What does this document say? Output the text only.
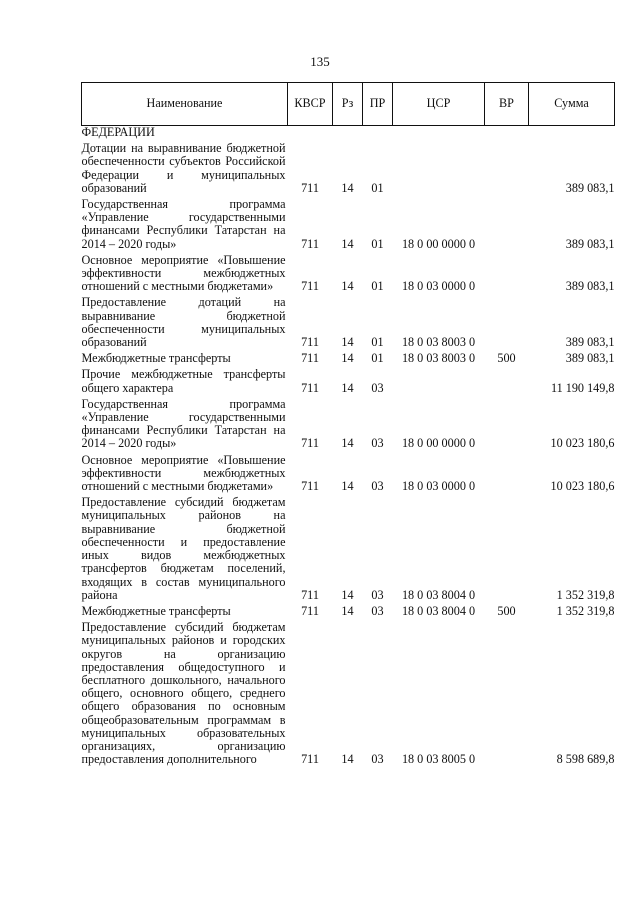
135
Наименование	КВСР	Рз	ПР	ЦСР	ВР	Сумма
ФЕДЕРАЦИИ						
Дотации на выравнивание бюджетной обеспеченности субъектов Российской Федерации и муниципальных образований	711	14	01			389 083,1
Государственная программа «Управление государственными финансами Республики Татарстан на 2014 – 2020 годы»	711	14	01	18 0 00 0000 0		389 083,1
Основное мероприятие «Повышение эффективности межбюджетных отношений с местными бюджетами»	711	14	01	18 0 03 0000 0		389 083,1
Предоставление дотаций на выравнивание бюджетной обеспеченности муниципальных образований	711	14	01	18 0 03 8003 0		389 083,1
Межбюджетные трансферты	711	14	01	18 0 03 8003 0	500	389 083,1
Прочие межбюджетные трансферты общего характера	711	14	03			11 190 149,8
Государственная программа «Управление государственными финансами Республики Татарстан на 2014 – 2020 годы»	711	14	03	18 0 00 0000 0		10 023 180,6
Основное мероприятие «Повышение эффективности межбюджетных отношений с местными бюджетами»	711	14	03	18 0 03 0000 0		10 023 180,6
Предоставление субсидий бюджетам муниципальных районов на выравнивание бюджетной обеспеченности и предоставление иных видов межбюджетных трансфертов бюджетам поселений, входящих в состав муниципального района	711	14	03	18 0 03 8004 0		1 352 319,8
Межбюджетные трансферты	711	14	03	18 0 03 8004 0	500	1 352 319,8
Предоставление субсидий бюджетам муниципальных районов и городских округов на организацию предоставления общедоступного и бесплатного дошкольного, начального общего, основного общего, среднего общего образования по основным общеобразовательным программам в муниципальных образовательных организациях, организацию предоставления дополнительного	711	14	03	18 0 03 8005 0		8 598 689,8
